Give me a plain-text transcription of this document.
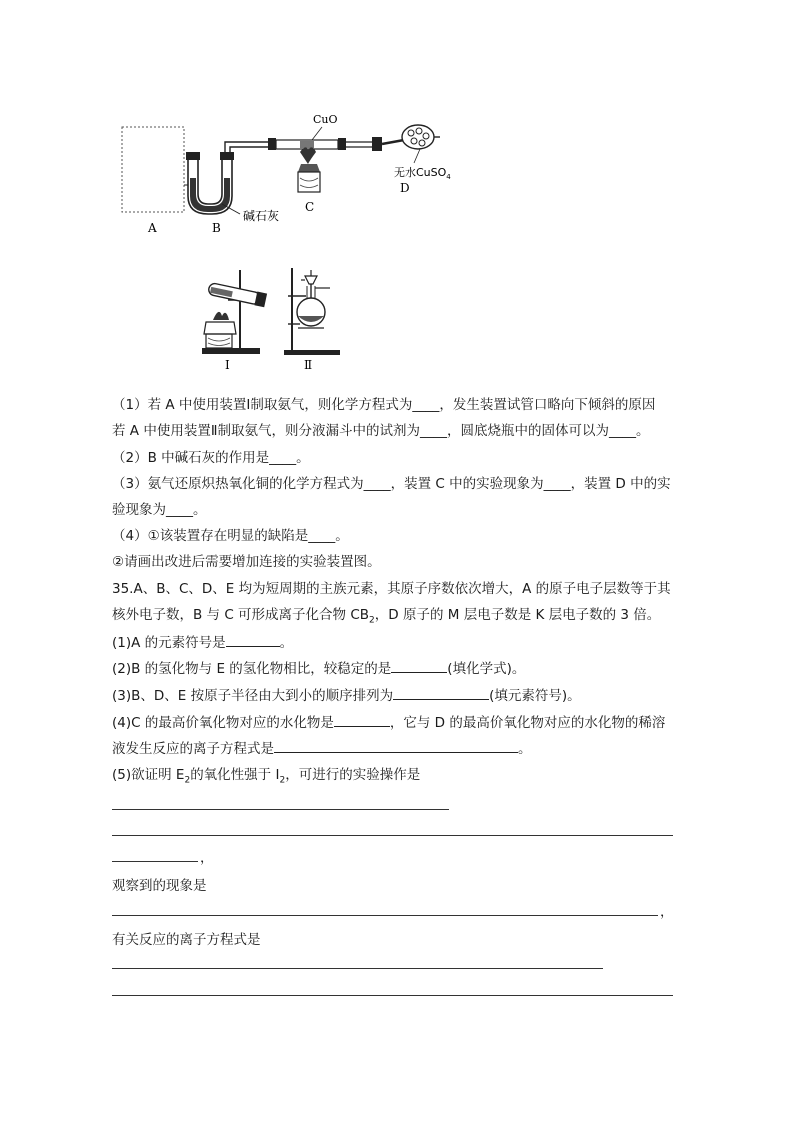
A
碱石灰
B
CuO
C
无水CuSO$_4$
D
Ⅰ	Ⅱ
（1）若 A 中使用装置Ⅰ制取氨气，则化学方程式为____，发生装置试管口略向下倾斜的原因
若 A 中使用装置Ⅱ制取氨气，则分液漏斗中的试剂为____，圆底烧瓶中的固体可以为____。
（2）B 中碱石灰的作用是____。
（3）氨气还原炽热氧化铜的化学方程式为____，装置 C 中的实验现象为____，装置 D 中的实
验现象为____。
（4）①该装置存在明显的缺陷是____。
②请画出改进后需要增加连接的实验装置图。
35.A、B、C、D、E 均为短周期的主族元素，其原子序数依次增大，A 的原子电子层数等于其
核外电子数，B 与 C 可形成离子化合物 $CB_2$，D 原子的 M 层电子数是 K 层电子数的 3 倍。
(1)A 的元素符号是	。
(2)B 的氢化物与 E 的氢化物相比，较稳定的是	(填化学式)。
(3)B、D、E 按原子半径由大到小的顺序排列为	(填元素符号)。
(4)C 的最高价氧化物对应的水化物是	，它与 D 的最高价氧化物对应的水化物的稀溶
液发生反应的离子方程式是	。
(5)欲证明 $E_2$的氧化性强于 $I_2$，可进行的实验操作是
，
观察到的现象是
，
有关反应的离子方程式是
